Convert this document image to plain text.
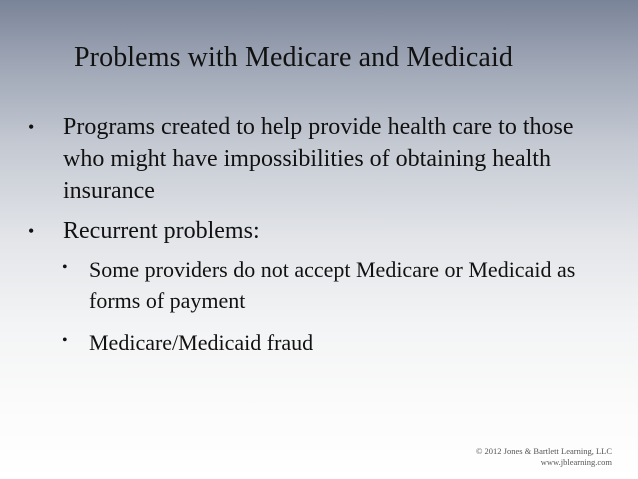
Problems with Medicare and Medicaid
•	Programs created to help provide health care to those who might have impossibilities of obtaining health insurance
•	Recurrent problems:
• Some providers do not accept Medicare or Medicaid as forms of payment
• Medicare/Medicaid fraud
© 2012 Jones & Bartlett Learning, LLC
www.jblearning.com
